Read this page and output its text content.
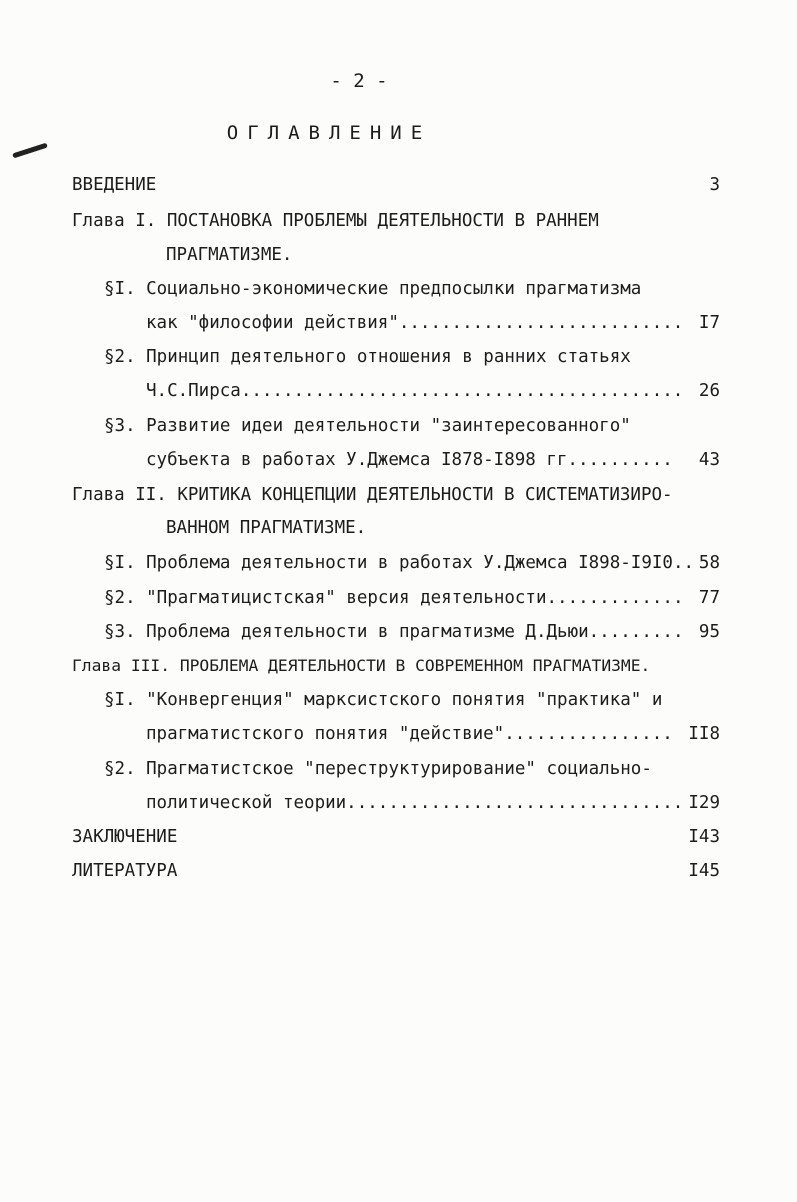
- 2 -
ОГЛАВЛЕНИЕ
ВВЕДЕНИЕ	3
Глава I. ПОСТАНОВКА ПРОБЛЕМЫ ДЕЯТЕЛЬНОСТИ В РАННЕМ
ПРАГМАТИЗМЕ.
§I. Социально-экономические предпосылки прагматизма
как "философии действия"........................... I7
§2. Принцип деятельного отношения в ранних статьях
Ч.С.Пирса.......................................... 26
§3. Развитие идеи деятельности "заинтересованного"
субъекта в работах У.Джемса I878-I898 гг..........	43
Глава II. КРИТИКА КОНЦЕПЦИИ ДЕЯТЕЛЬНОСТИ В СИСТЕМАТИЗИРО-
ВАННОМ ПРАГМАТИЗМЕ.
§I. Проблема деятельности в работах У.Джемса I898-I9I0.. 58
§2. "Прагматицистская" версия деятельности............. 77
§3. Проблема деятельности в прагматизме Д.Дьюи......... 95
Глава III. ПРОБЛЕМА ДЕЯТЕЛЬНОСТИ В СОВРЕМЕННОМ ПРАГМАТИЗМЕ.
§I. "Конвергенция" марксистского понятия "практика" и
прагматистского понятия "действие"................ II8
§2. Прагматистское "переструктурирование" социально-
политической теории................................ I29
ЗАКЛЮЧЕНИЕ	I43
ЛИТЕРАТУРА	I45
